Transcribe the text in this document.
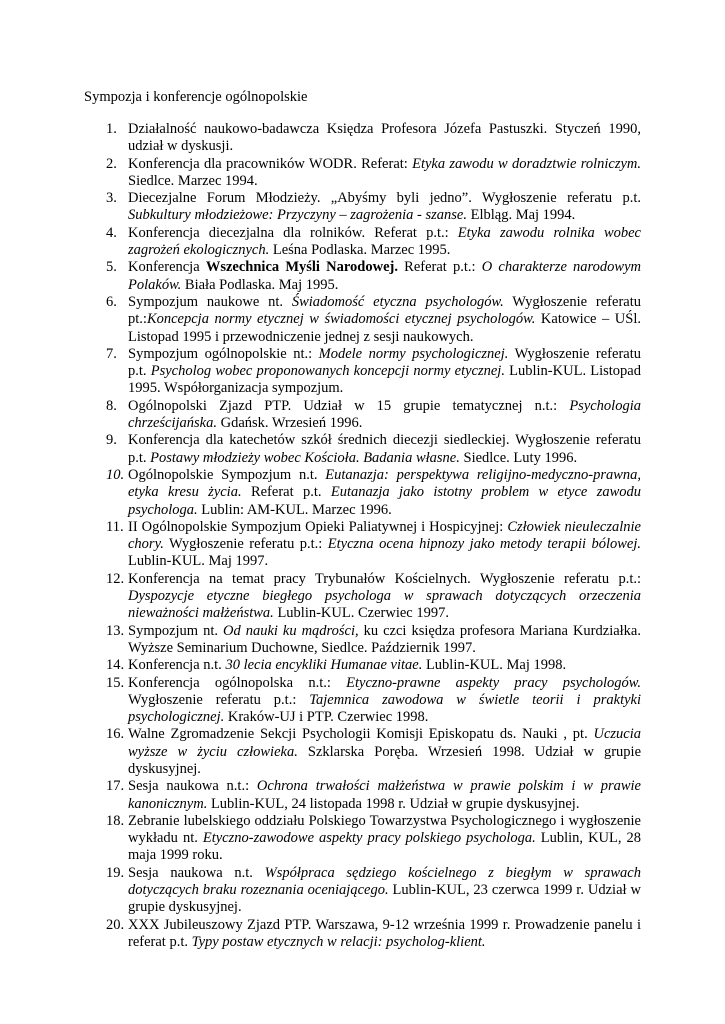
Sympozja i konferencje ogólnopolskie
1. Działalność naukowo-badawcza Księdza Profesora Józefa Pastuszki. Styczeń 1990, udział w dyskusji.
2. Konferencja dla pracowników WODR. Referat: Etyka zawodu w doradztwie rolniczym. Siedlce. Marzec 1994.
3. Diecezjalne Forum Młodzieży. „Abyśmy byli jedno”. Wygłoszenie referatu p.t. Subkultury młodzieżowe: Przyczyny – zagrożenia - szanse. Elbląg. Maj 1994.
4. Konferencja diecezjalna dla rolników. Referat p.t.: Etyka zawodu rolnika wobec zagrożeń ekologicznych. Leśna Podlaska. Marzec 1995.
5. Konferencja Wszechnica Myśli Narodowej. Referat p.t.: O charakterze narodowym Polaków. Biała Podlaska. Maj 1995.
6. Sympozjum naukowe nt. Świadomość etyczna psychologów. Wygłoszenie referatu pt.:Koncepcja normy etycznej w świadomości etycznej psychologów. Katowice – UŚl. Listopad 1995 i przewodniczenie jednej z sesji naukowych.
7. Sympozjum ogólnopolskie nt.: Modele normy psychologicznej. Wygłoszenie referatu p.t. Psycholog wobec proponowanych koncepcji normy etycznej. Lublin-KUL. Listopad 1995. Współorganizacja sympozjum.
8. Ogólnopolski Zjazd PTP. Udział w 15 grupie tematycznej n.t.: Psychologia chrześcijańska. Gdańsk. Wrzesień 1996.
9. Konferencja dla katechetów szkół średnich diecezji siedleckiej. Wygłoszenie referatu p.t. Postawy młodzieży wobec Kościoła. Badania własne. Siedlce. Luty 1996.
10. Ogólnopolskie Sympozjum n.t. Eutanazja: perspektywa religijno-medyczno-prawna, etyka kresu życia. Referat p.t. Eutanazja jako istotny problem w etyce zawodu psychologa. Lublin: AM-KUL. Marzec 1996.
11. II Ogólnopolskie Sympozjum Opieki Paliatywnej i Hospicyjnej: Człowiek nieuleczalnie chory. Wygłoszenie referatu p.t.: Etyczna ocena hipnozy jako metody terapii bólowej. Lublin-KUL. Maj 1997.
12. Konferencja na temat pracy Trybunałów Kościelnych. Wygłoszenie referatu p.t.: Dyspozycje etyczne biegłego psychologa w sprawach dotyczących orzeczenia nieważności małżeństwa. Lublin-KUL. Czerwiec 1997.
13. Sympozjum nt. Od nauki ku mądrości, ku czci księdza profesora Mariana Kurdziałka. Wyższe Seminarium Duchowne, Siedlce. Październik 1997.
14. Konferencja n.t. 30 lecia encykliki Humanae vitae. Lublin-KUL. Maj 1998.
15. Konferencja ogólnopolska n.t.: Etyczno-prawne aspekty pracy psychologów. Wygłoszenie referatu p.t.: Tajemnica zawodowa w świetle teorii i praktyki psychologicznej. Kraków-UJ i PTP. Czerwiec 1998.
16. Walne Zgromadzenie Sekcji Psychologii Komisji Episkopatu ds. Nauki , pt. Uczucia wyższe w życiu człowieka. Szklarska Poręba. Wrzesień 1998. Udział w grupie dyskusyjnej.
17. Sesja naukowa n.t.: Ochrona trwałości małżeństwa w prawie polskim i w prawie kanonicznym. Lublin-KUL, 24 listopada 1998 r. Udział w grupie dyskusyjnej.
18. Zebranie lubelskiego oddziału Polskiego Towarzystwa Psychologicznego i wygłoszenie wykładu nt. Etyczno-zawodowe aspekty pracy polskiego psychologa. Lublin, KUL, 28 maja 1999 roku.
19. Sesja naukowa n.t. Współpraca sędziego kościelnego z biegłym w sprawach dotyczących braku rozeznania oceniającego. Lublin-KUL, 23 czerwca 1999 r. Udział w grupie dyskusyjnej.
20. XXX Jubileuszowy Zjazd PTP. Warszawa, 9-12 września 1999 r. Prowadzenie panelu i referat p.t. Typy postaw etycznych w relacji: psycholog-klient.
